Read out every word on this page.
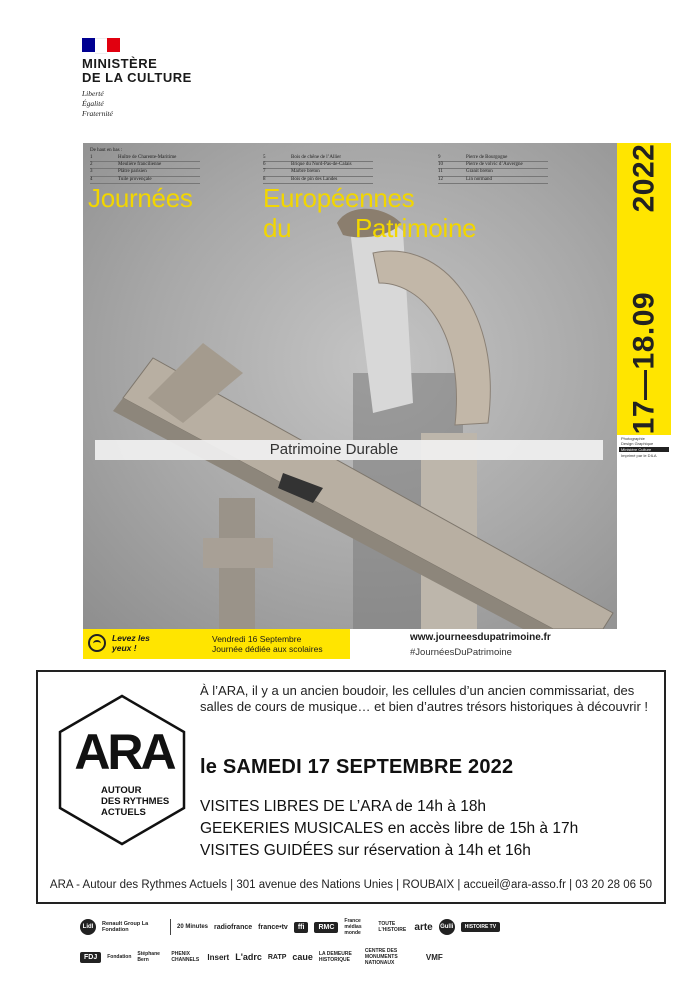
MINISTÈRE
DE LA CULTURE
Liberté
Égalité
Fraternité
De haut en bas :
1	Huître de Charente-Maritime
2	Meulière francilienne
3	Plâtre parisien
4	Tuile provençale
5	Bois de chêne de l’Allier
6	Brique du Nord-Pas-de-Calais
7	Marbre breton
8	Bois de pin des Landes
9	Pierre de Bourgogne
10	Pierre de volvic d’Auvergne
11	Granit breton
12	Lin normand
Journées	Européennes
du Patrimoine
17—18.09         2022
Photographie
Design Graphique
Ministère Culture
Imprimé par le DILA
Patrimoine Durable
Levez les yeux !
Vendredi 16 Septembre
Journée dédiée aux scolaires
www.journeesdupatrimoine.fr
#JournéesDuPatrimoine
ARA
AUTOUR
DES RYTHMES
ACTUELS
À l’ARA, il y a un ancien boudoir, les cellules d’un ancien commissariat, des salles de cours de musique… et bien d’autres trésors historiques à découvrir !
le SAMEDI 17 SEPTEMBRE 2022
VISITES LIBRES DE L’ARA de 14h à 18h
GEEKERIES MUSICALES en accès libre de 15h à 17h
VISITES GUIDÉES sur réservation à 14h et 16h
ARA - Autour des Rythmes Actuels | 301 avenue des Nations Unies | ROUBAIX | accueil@ara-asso.fr | 03 20 28 06 50
Lidl	Renault Group La Fondation	20 Minutes radiofrance france•tv	ffi	RMC
France médias monde
TOUTE L'HISTOIRE arte Gulli	HISTOIRE TV
FDJ	Fondation Stéphane Bern
PHENIX CHANNELS Insert L'adrc RATP caue LA DEMEURE HISTORIQUE
CENTRE DES MONUMENTS NATIONAUX
VMF
